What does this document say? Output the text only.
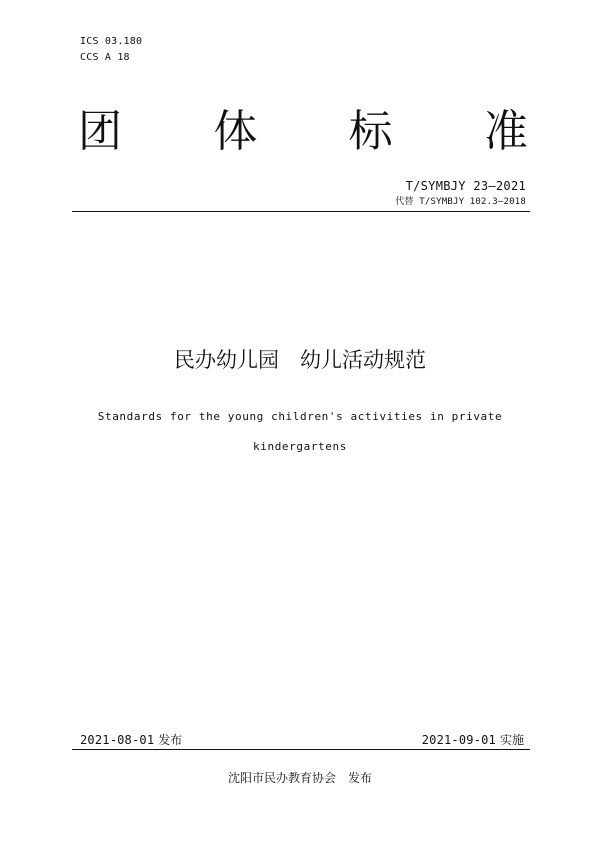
ICS 03.180
CCS A 18
团 体 标 准
T/SYMBJY 23—2021
代替 T/SYMBJY 102.3—2018
民办幼儿园　幼儿活动规范
Standards for the young children's activities in private
kindergartens
2021-08-01 发布	2021-09-01 实施
沈阳市民办教育协会　发布
